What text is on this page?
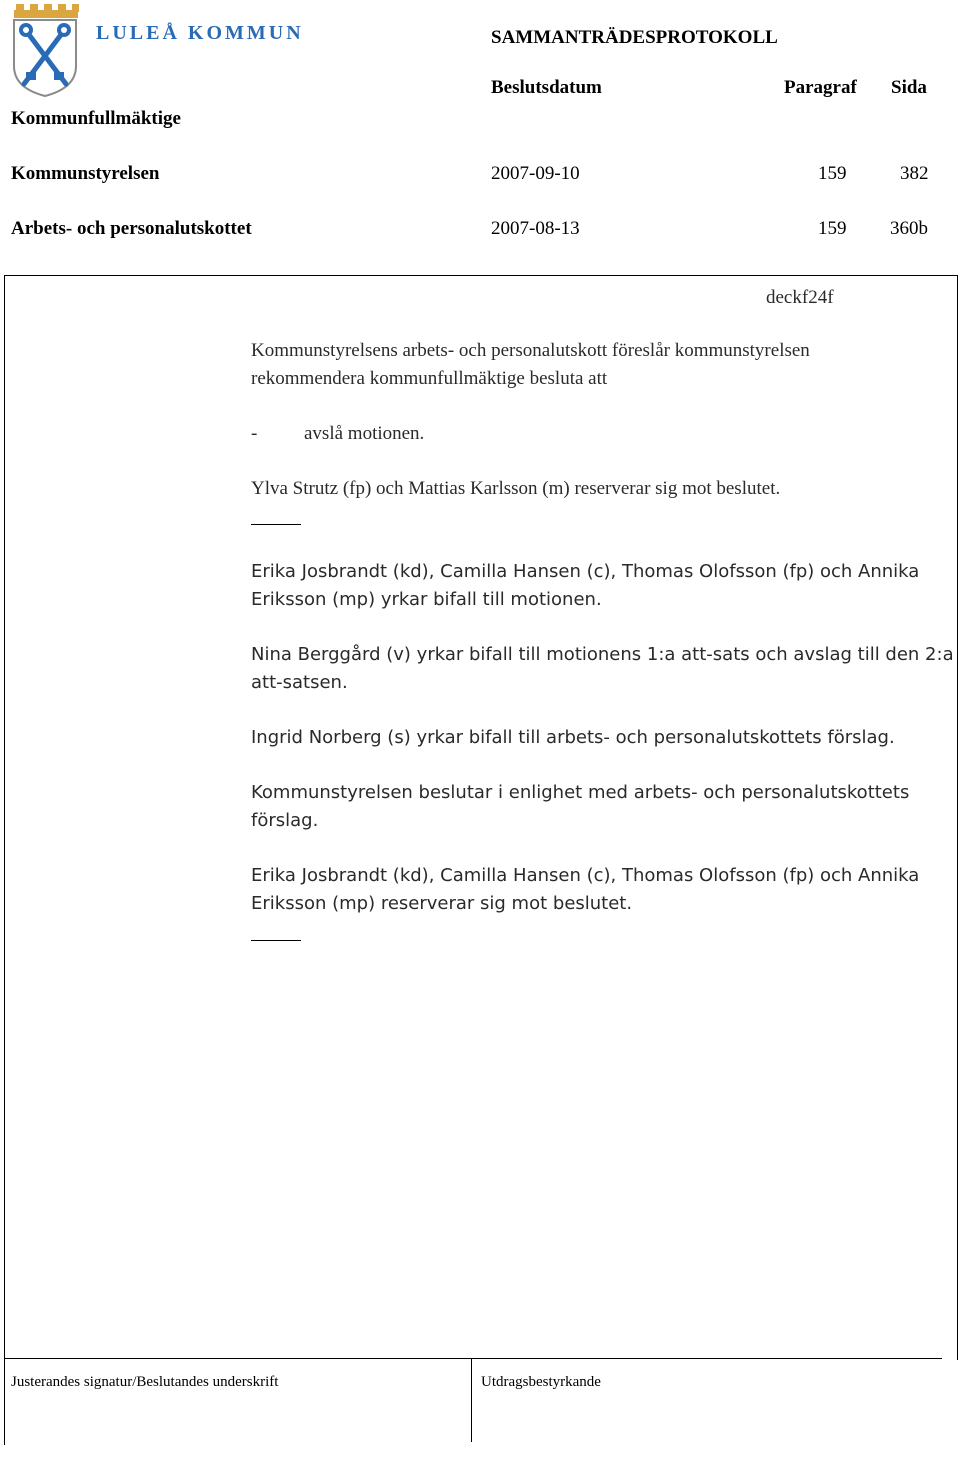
LULEÅ KOMMUN	SAMMANTRÄDESPROTOKOLL
Beslutsdatum	Paragraf Sida
Kommunfullmäktige
Kommunstyrelsen	2007-09-10	159	382
Arbets- och personalutskottet	2007-08-13	159 360b
deckf24f
Kommunstyrelsens arbets- och personalutskott föreslår kommunstyrelsen
rekommendera kommunfullmäktige besluta att
- avslå motionen.
Ylva Strutz (fp) och Mattias Karlsson (m) reserverar sig mot beslutet.
Erika Josbrandt (kd), Camilla Hansen (c), Thomas Olofsson (fp) och Annika
Eriksson (mp) yrkar bifall till motionen.
Nina Berggård (v) yrkar bifall till motionens 1:a att-sats och avslag till den 2:a
att-satsen.
Ingrid Norberg (s) yrkar bifall till arbets- och personalutskottets förslag.
Kommunstyrelsen beslutar i enlighet med arbets- och personalutskottets
förslag.
Erika Josbrandt (kd), Camilla Hansen (c), Thomas Olofsson (fp) och Annika
Eriksson (mp) reserverar sig mot beslutet.
Justerandes signatur/Beslutandes underskrift	Utdragsbestyrkande
